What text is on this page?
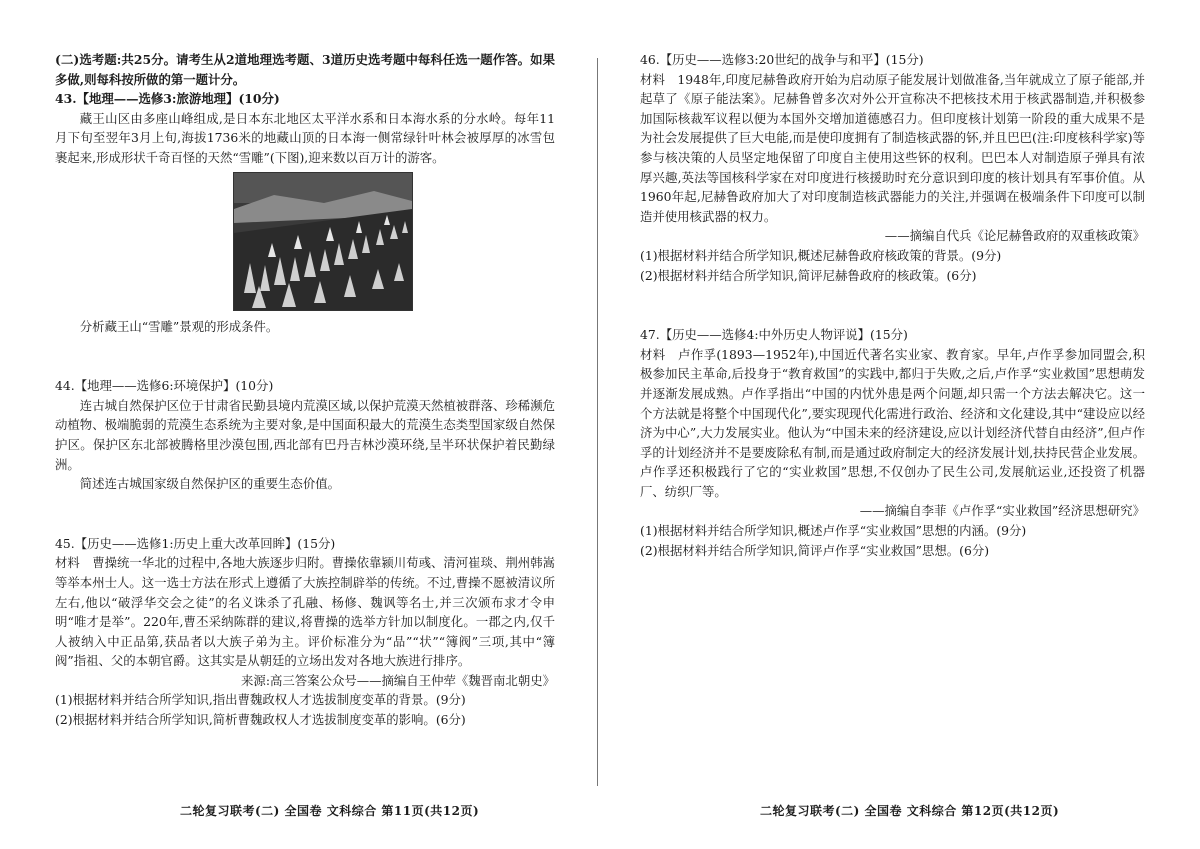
(二)选考题:共25分。请考生从2道地理选考题、3道历史选考题中每科任选一题作答。如果多做,则每科按所做的第一题计分。

43.【地理——选修3:旅游地理】(10分)

藏王山区由多座山峰组成,是日本东北地区太平洋水系和日本海水系的分水岭。每年11月下旬至翌年3月上旬,海拔1736米的地藏山顶的日本海一侧常绿针叶林会被厚厚的冰雪包裹起来,形成形状千奇百怪的天然“雪雕”(下图),迎来数以百万计的游客。

分析藏王山“雪雕”景观的形成条件。

44.【地理——选修6:环境保护】(10分)

连古城自然保护区位于甘肃省民勤县境内荒漠区域,以保护荒漠天然植被群落、珍稀濒危动植物、极端脆弱的荒漠生态系统为主要对象,是中国面积最大的荒漠生态类型国家级自然保护区。保护区东北部被腾格里沙漠包围,西北部有巴丹吉林沙漠环绕,呈半环状保护着民勤绿洲。

简述连古城国家级自然保护区的重要生态价值。

45.【历史——选修1:历史上重大改革回眸】(15分)

材料　曹操统一华北的过程中,各地大族逐步归附。曹操依靠颍川荀彧、清河崔琰、荆州韩嵩等举本州士人。这一选士方法在形式上遵循了大族控制辟举的传统。不过,曹操不愿被清议所左右,他以“破浮华交会之徒”的名义诛杀了孔融、杨修、魏讽等名士,并三次颁布求才令申明“唯才是举”。220年,曹丕采纳陈群的建议,将曹操的选举方针加以制度化。一郡之内,仅千人被纳入中正品第,获品者以大族子弟为主。评价标准分为“品”“状”“簿阀”三项,其中“簿阀”指祖、父的本朝官爵。这其实是从朝廷的立场出发对各地大族进行排序。

来源:高三答案公众号——摘编自王仲荦《魏晋南北朝史》

(1)根据材料并结合所学知识,指出曹魏政权人才选拔制度变革的背景。(9分)

(2)根据材料并结合所学知识,简析曹魏政权人才选拔制度变革的影响。(6分)

46.【历史——选修3:20世纪的战争与和平】(15分)

材料　1948年,印度尼赫鲁政府开始为启动原子能发展计划做准备,当年就成立了原子能部,并起草了《原子能法案》。尼赫鲁曾多次对外公开宣称决不把核技术用于核武器制造,并积极参加国际核裁军议程以便为本国外交增加道德感召力。但印度核计划第一阶段的重大成果不是为社会发展提供了巨大电能,而是使印度拥有了制造核武器的钚,并且巴巴(注:印度核科学家)等参与核决策的人员坚定地保留了印度自主使用这些钚的权利。巴巴本人对制造原子弹具有浓厚兴趣,英法等国核科学家在对印度进行核援助时充分意识到印度的核计划具有军事价值。从1960年起,尼赫鲁政府加大了对印度制造核武器能力的关注,并强调在极端条件下印度可以制造并使用核武器的权力。

——摘编自代兵《论尼赫鲁政府的双重核政策》

(1)根据材料并结合所学知识,概述尼赫鲁政府核政策的背景。(9分)

(2)根据材料并结合所学知识,简评尼赫鲁政府的核政策。(6分)

47.【历史——选修4:中外历史人物评说】(15分)

材料　卢作孚(1893—1952年),中国近代著名实业家、教育家。早年,卢作孚参加同盟会,积极参加民主革命,后投身于“教育救国”的实践中,都归于失败,之后,卢作孚“实业救国”思想萌发并逐渐发展成熟。卢作孚指出“中国的内忧外患是两个问题,却只需一个方法去解决它。这一个方法就是将整个中国现代化”,要实现现代化需进行政治、经济和文化建设,其中“建设应以经济为中心”,大力发展实业。他认为“中国未来的经济建设,应以计划经济代替自由经济”,但卢作孚的计划经济并不是要废除私有制,而是通过政府制定大的经济发展计划,扶持民营企业发展。卢作孚还积极践行了它的“实业救国”思想,不仅创办了民生公司,发展航运业,还投资了机器厂、纺织厂等。

——摘编自李菲《卢作孚“实业救国”经济思想研究》

(1)根据材料并结合所学知识,概述卢作孚“实业救国”思想的内涵。(9分)

(2)根据材料并结合所学知识,简评卢作孚“实业救国”思想。(6分)

二轮复习联考(二) 全国卷 文科综合 第11页(共12页)	二轮复习联考(二) 全国卷 文科综合 第12页(共12页)
